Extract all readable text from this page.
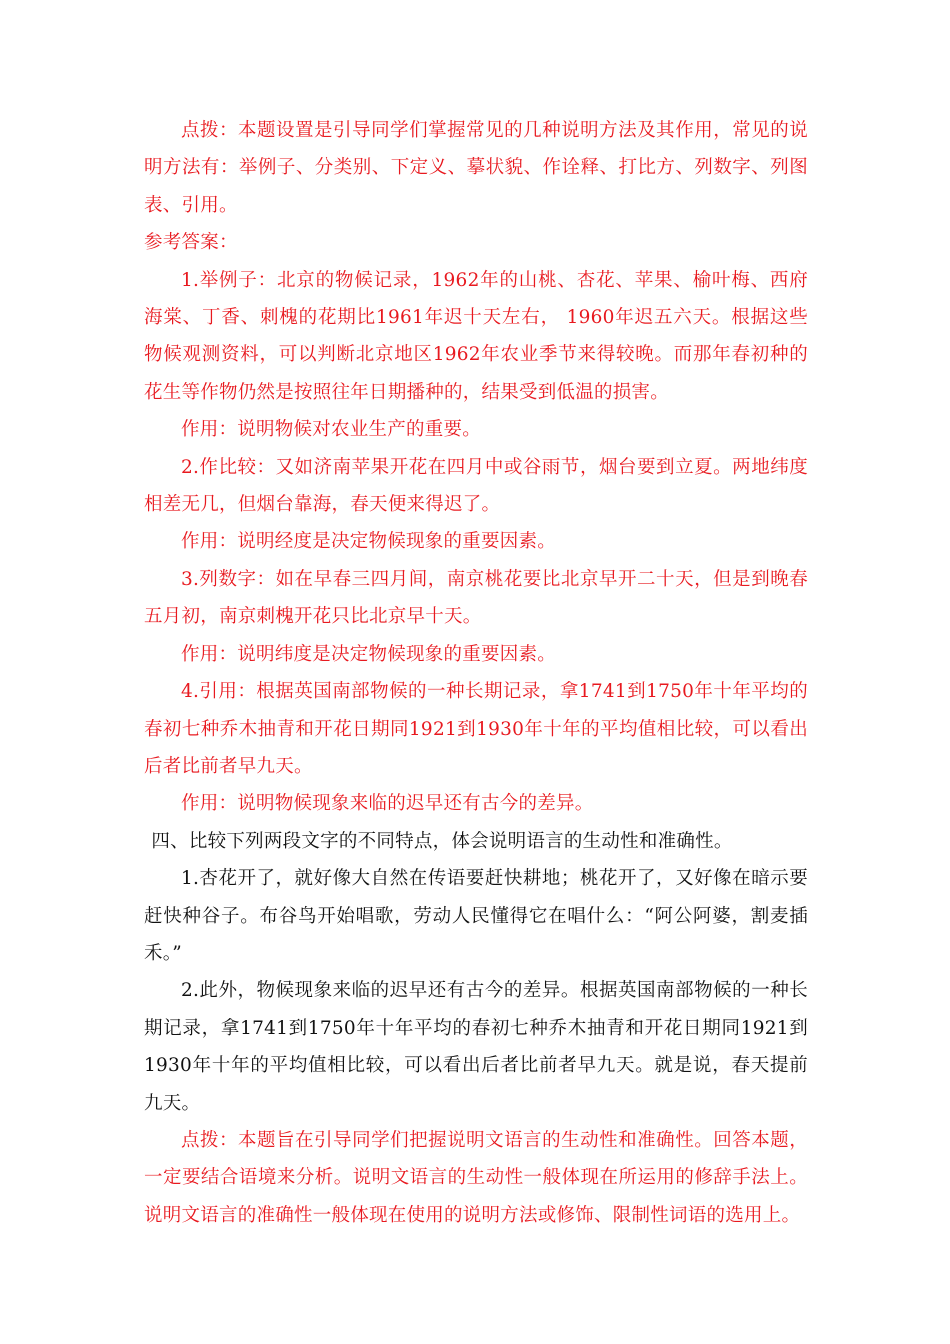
点拨：本题设置是引导同学们掌握常见的几种说明方法及其作用，常见的说明方法有：举例子、分类别、下定义、摹状貌、作诠释、打比方、列数字、列图表、引用。

参考答案：

1.举例子：北京的物候记录，1962年的山桃、杏花、苹果、榆叶梅、西府海棠、丁香、刺槐的花期比1961年迟十天左右， 1960年迟五六天。根据这些物候观测资料，可以判断北京地区1962年农业季节来得较晚。而那年春初种的花生等作物仍然是按照往年日期播种的，结果受到低温的损害。

作用：说明物候对农业生产的重要。

2.作比较：又如济南苹果开花在四月中或谷雨节，烟台要到立夏。两地纬度相差无几，但烟台靠海，春天便来得迟了。

作用：说明经度是决定物候现象的重要因素。

3.列数字：如在早春三四月间，南京桃花要比北京早开二十天，但是到晚春五月初，南京刺槐开花只比北京早十天。

作用：说明纬度是决定物候现象的重要因素。

4.引用：根据英国南部物候的一种长期记录，拿1741到1750年十年平均的春初七种乔木抽青和开花日期同1921到1930年十年的平均值相比较，可以看出后者比前者早九天。

作用：说明物候现象来临的迟早还有古今的差异。

四、比较下列两段文字的不同特点，体会说明语言的生动性和准确性。

1.杏花开了，就好像大自然在传语要赶快耕地；桃花开了，又好像在暗示要赶快种谷子。布谷鸟开始唱歌，劳动人民懂得它在唱什么：“阿公阿婆，割麦插禾。”

2.此外，物候现象来临的迟早还有古今的差异。根据英国南部物候的一种长期记录，拿1741到1750年十年平均的春初七种乔木抽青和开花日期同1921到1930年十年的平均值相比较，可以看出后者比前者早九天。就是说，春天提前九天。

点拨：本题旨在引导同学们把握说明文语言的生动性和准确性。回答本题，一定要结合语境来分析。说明文语言的生动性一般体现在所运用的修辞手法上。说明文语言的准确性一般体现在使用的说明方法或修饰、限制性词语的选用上。
